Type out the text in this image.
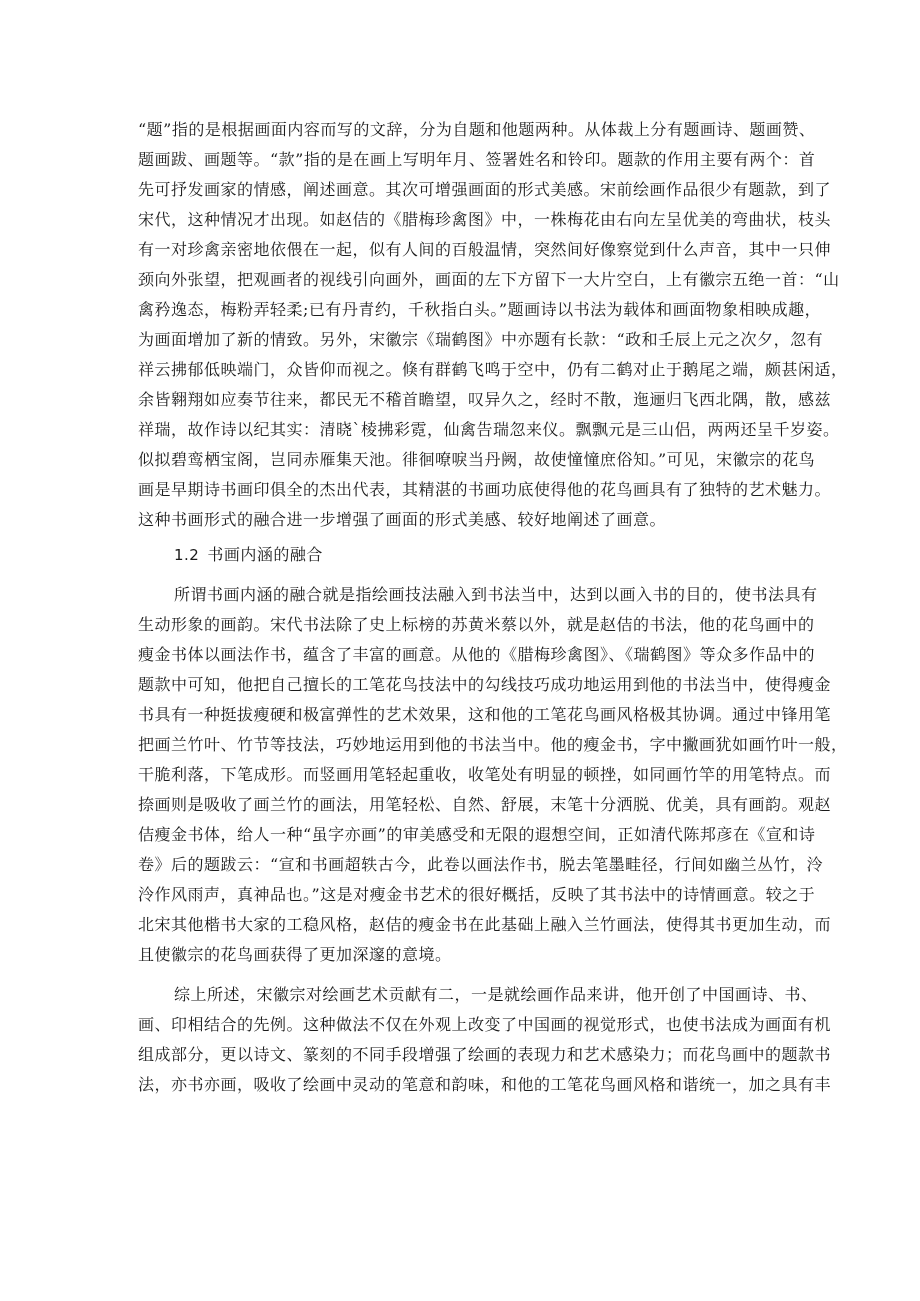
“题”指的是根据画面内容而写的文辞，分为自题和他题两种。从体裁上分有题画诗、题画赞、
题画跋、画题等。“款”指的是在画上写明年月、签署姓名和铃印。题款的作用主要有两个：首
先可抒发画家的情感，阐述画意。其次可增强画面的形式美感。宋前绘画作品很少有题款，到了
宋代，这种情况才出现。如赵佶的《腊梅珍禽图》中，一株梅花由右向左呈优美的弯曲状，枝头
有一对珍禽亲密地依偎在一起，似有人间的百般温情，突然间好像察觉到什么声音，其中一只伸
颈向外张望，把观画者的视线引向画外，画面的左下方留下一大片空白，上有徽宗五绝一首：“山
禽矜逸态，梅粉弄轻柔;已有丹青约，千秋指白头。”题画诗以书法为载体和画面物象相映成趣，
为画面增加了新的情致。另外，宋徽宗《瑞鹤图》中亦题有长款：“政和壬辰上元之次夕，忽有
祥云拂郁低映端门，众皆仰而视之。倏有群鹤飞鸣于空中，仍有二鹤对止于鹅尾之端，颇甚闲适，
余皆翱翔如应奏节往来，都民无不稽首瞻望，叹异久之，经时不散，迤逦归飞西北隅，散，感兹
祥瑞，故作诗以纪其实：清晓`棱拂彩霓，仙禽告瑞忽来仪。飘飘元是三山侣，两两还呈千岁姿。
似拟碧鸾栖宝阁，岂同赤雁集天池。徘徊嘹唳当丹阙，故使憧憧庶俗知。”可见，宋徽宗的花鸟
画是早期诗书画印俱全的杰出代表，其精湛的书画功底使得他的花鸟画具有了独特的艺术魅力。
这种书画形式的融合进一步增强了画面的形式美感、较好地阐述了画意。
1.2 书画内涵的融合
所谓书画内涵的融合就是指绘画技法融入到书法当中，达到以画入书的目的，使书法具有
生动形象的画韵。宋代书法除了史上标榜的苏黄米蔡以外，就是赵佶的书法，他的花鸟画中的
瘦金书体以画法作书，蕴含了丰富的画意。从他的《腊梅珍禽图》、《瑞鹤图》等众多作品中的
题款中可知，他把自己擅长的工笔花鸟技法中的勾线技巧成功地运用到他的书法当中，使得瘦金
书具有一种挺拔瘦硬和极富弹性的艺术效果，这和他的工笔花鸟画风格极其协调。通过中锋用笔
把画兰竹叶、竹节等技法，巧妙地运用到他的书法当中。他的瘦金书，字中撇画犹如画竹叶一般，
干脆利落，下笔成形。而竖画用笔轻起重收，收笔处有明显的顿挫，如同画竹竿的用笔特点。而
捺画则是吸收了画兰竹的画法，用笔轻松、自然、舒展，末笔十分洒脱、优美，具有画韵。观赵
佶瘦金书体，给人一种“虽字亦画”的审美感受和无限的遐想空间，正如清代陈邦彦在《宣和诗
卷》后的题跋云：“宣和书画超轶古今，此卷以画法作书，脱去笔墨畦径，行间如幽兰丛竹，泠
泠作风雨声，真神品也。”这是对瘦金书艺术的很好概括，反映了其书法中的诗情画意。较之于
北宋其他楷书大家的工稳风格，赵佶的瘦金书在此基础上融入兰竹画法，使得其书更加生动，而
且使徽宗的花鸟画获得了更加深邃的意境。
综上所述，宋徽宗对绘画艺术贡献有二，一是就绘画作品来讲，他开创了中国画诗、书、
画、印相结合的先例。这种做法不仅在外观上改变了中国画的视觉形式，也使书法成为画面有机
组成部分，更以诗文、篆刻的不同手段增强了绘画的表现力和艺术感染力；而花鸟画中的题款书
法，亦书亦画，吸收了绘画中灵动的笔意和韵味，和他的工笔花鸟画风格和谐统一，加之具有丰
